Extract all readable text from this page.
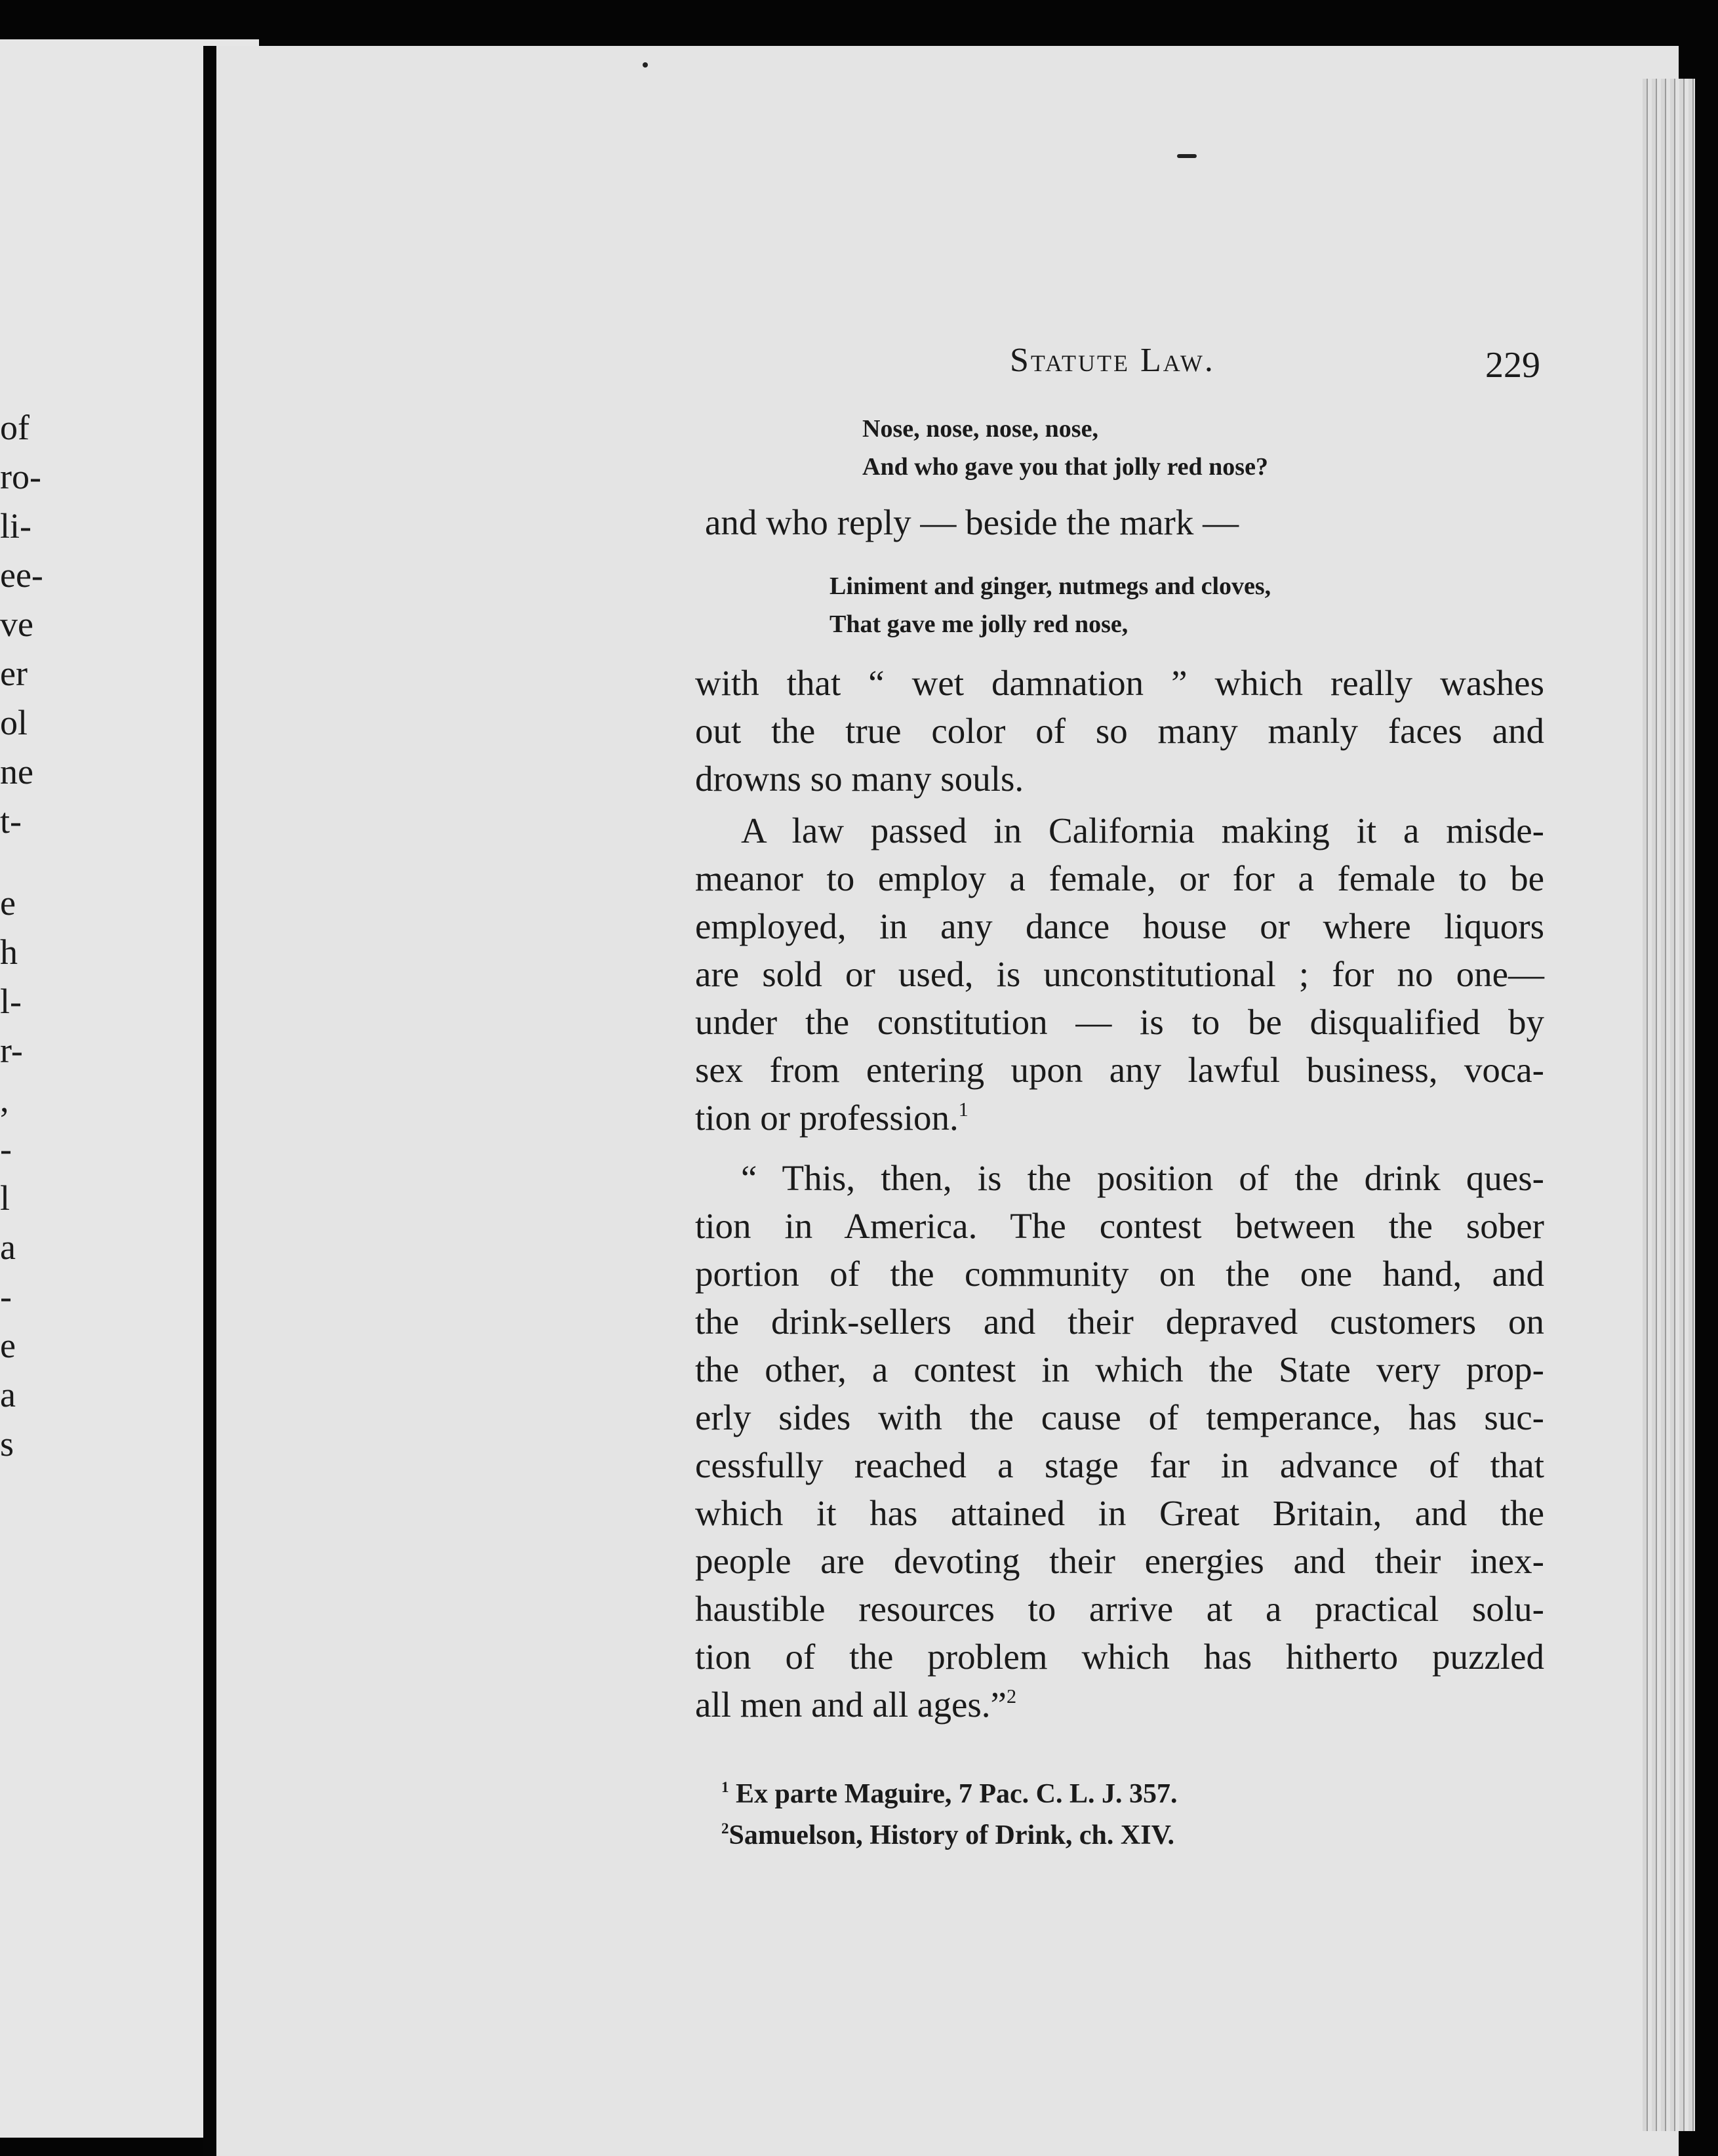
of
ro-
li-
ee-
ve
er
ol
ne
t-
e
h
l-
r-
,
-
l
a
-
e
a
s
Statute Law.	229
Nose, nose, nose, nose,
And who gave you that jolly red nose?
and who reply — beside the mark —
Liniment and ginger, nutmegs and cloves,
That gave me jolly red nose,
with that “ wet damnation ” which really washes
out the true color of so many manly faces and
drowns so many souls.
A law passed in California making it a misde-
meanor to employ a female, or for a female to be
employed, in any dance house or where liquors
are sold or used, is unconstitutional ; for no one—
under the constitution — is to be disqualified by
sex from entering upon any lawful business, voca-
tion or profession.$^1$
“ This, then, is the position of the drink ques-
tion in America. The contest between the sober
portion of the community on the one hand, and
the drink-sellers and their depraved customers on
the other, a contest in which the State very prop-
erly sides with the cause of temperance, has suc-
cessfully reached a stage far in advance of that
which it has attained in Great Britain, and the
people are devoting their energies and their inex-
haustible resources to arrive at a practical solu-
tion of the problem which has hitherto puzzled
all men and all ages.”$^2$
$^1$ Ex parte Maguire, 7 Pac. C. L. J. 357.
$^2$Samuelson, History of Drink, ch. XIV.
